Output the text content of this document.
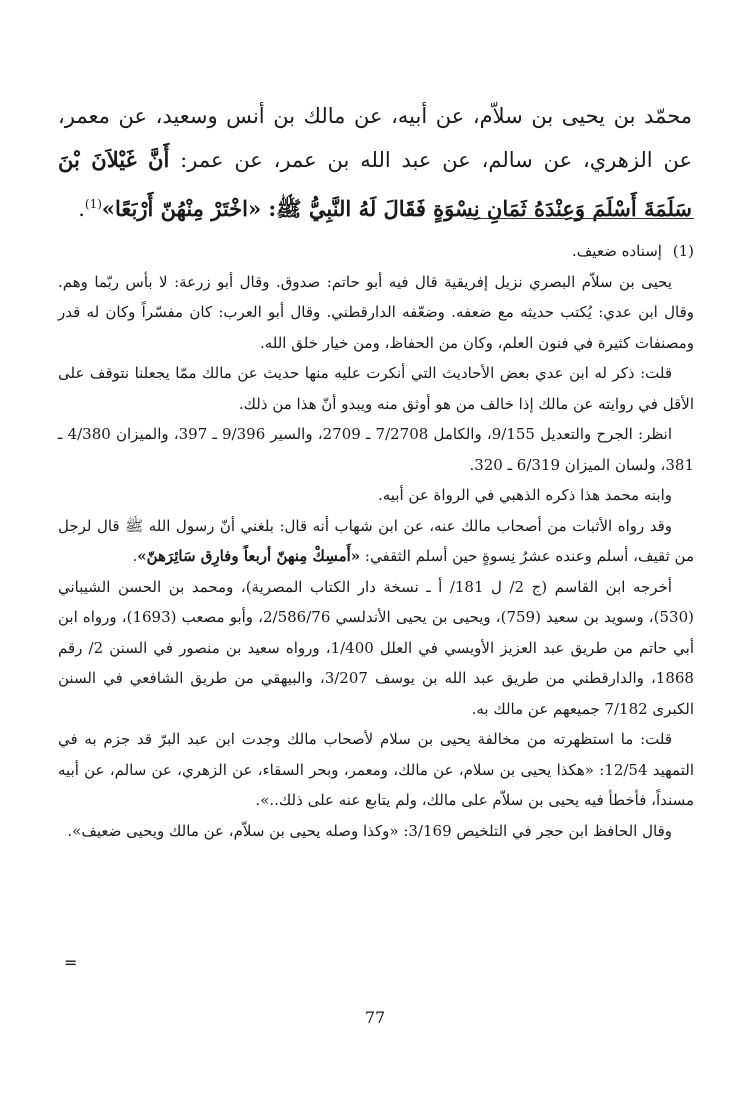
محمّد بن يحيى بن سلاّم، عن أبيه، عن مالك بن أنس وسعيد، عن معمر، عن الزهري، عن سالم، عن عبد الله بن عمر، عن عمر: أَنَّ غَيْلاَنَ بْنَ سَلَمَةَ أَسْلَمَ وَعِنْدَهُ ثَمَانِ نِسْوَةٍ فَقَالَ لَهُ النَّبِيُّ ﷺ: «اخْتَرْ مِنْهُنّ أَرْبَعًا»$^{(1)}$.

(1) إسناده ضعيف.

يحيى بن سلاّم البصري نزيل إفريقية قال فيه أبو حاتم: صدوق. وقال أبو زرعة: لا بأس ربّما وهم. وقال ابن عدي: يُكتب حديثه مع ضعفه. وضعّفه الدارقطني. وقال أبو العرب: كان مفسّراً وكان له قدر ومصنفات كثيرة في فنون العلم، وكان من الحفاظ، ومن خيار خلق الله.

قلت: ذكر له ابن عدي بعض الأحاديث التي أنكرت عليه منها حديث عن مالك ممّا يجعلنا نتوقف على الأقل في روايته عن مالك إذا خالف من هو أوثق منه ويبدو أنّ هذا من ذلك.

انظر: الجرح والتعديل 9/155، والكامل 7/2708 ـ 2709، والسير 9/396 ـ 397، والميزان 4/380 ـ 381، ولسان الميزان 6/319 ـ 320.

وابنه محمد هذا ذكره الذهبي في الرواة عن أبيه.

وقد رواه الأثبات من أصحاب مالك عنه، عن ابن شهاب أنه قال: بلغني أنّ رسول الله ﷺ قال لرجل من ثقيف، أسلم وعنده عشرُ نِسوةٍ حين أسلم الثقفي: «أَمسِكْ مِنهنّ أربعاً وفارِق سَائِرَهنّ».

أخرجه ابن القاسم (ج 2/ ل 181/ أ ـ نسخة دار الكتاب المصرية)، ومحمد بن الحسن الشيباني (530)، وسويد بن سعيد (759)، ويحيى بن يحيى الأندلسي 2/586/76، وأبو مصعب (1693)، ورواه ابن أبي حاتم من طريق عبد العزيز الأويسي في العلل 1/400، ورواه سعيد بن منصور في السنن 2/ رقم 1868، والدارقطني من طريق عبد الله بن يوسف 3/207، والبيهقي من طريق الشافعي في السنن الكبرى 7/182 جميعهم عن مالك به.

قلت: ما استظهرته من مخالفة يحيى بن سلام لأصحاب مالك وجدت ابن عبد البرّ قد جزم به في التمهيد 12/54: «هكذا يحيى بن سلام، عن مالك، ومعمر، وبحر السقاء، عن الزهري، عن سالم، عن أبيه مسنداً، فأخطأ فيه يحيى بن سلاّم على مالك، ولم يتابع عنه على ذلك..».

وقال الحافظ ابن حجر في التلخيص 3/169: «وكذا وصله يحيى بن سلاّم، عن مالك ويحيى ضعيف».

=
77
